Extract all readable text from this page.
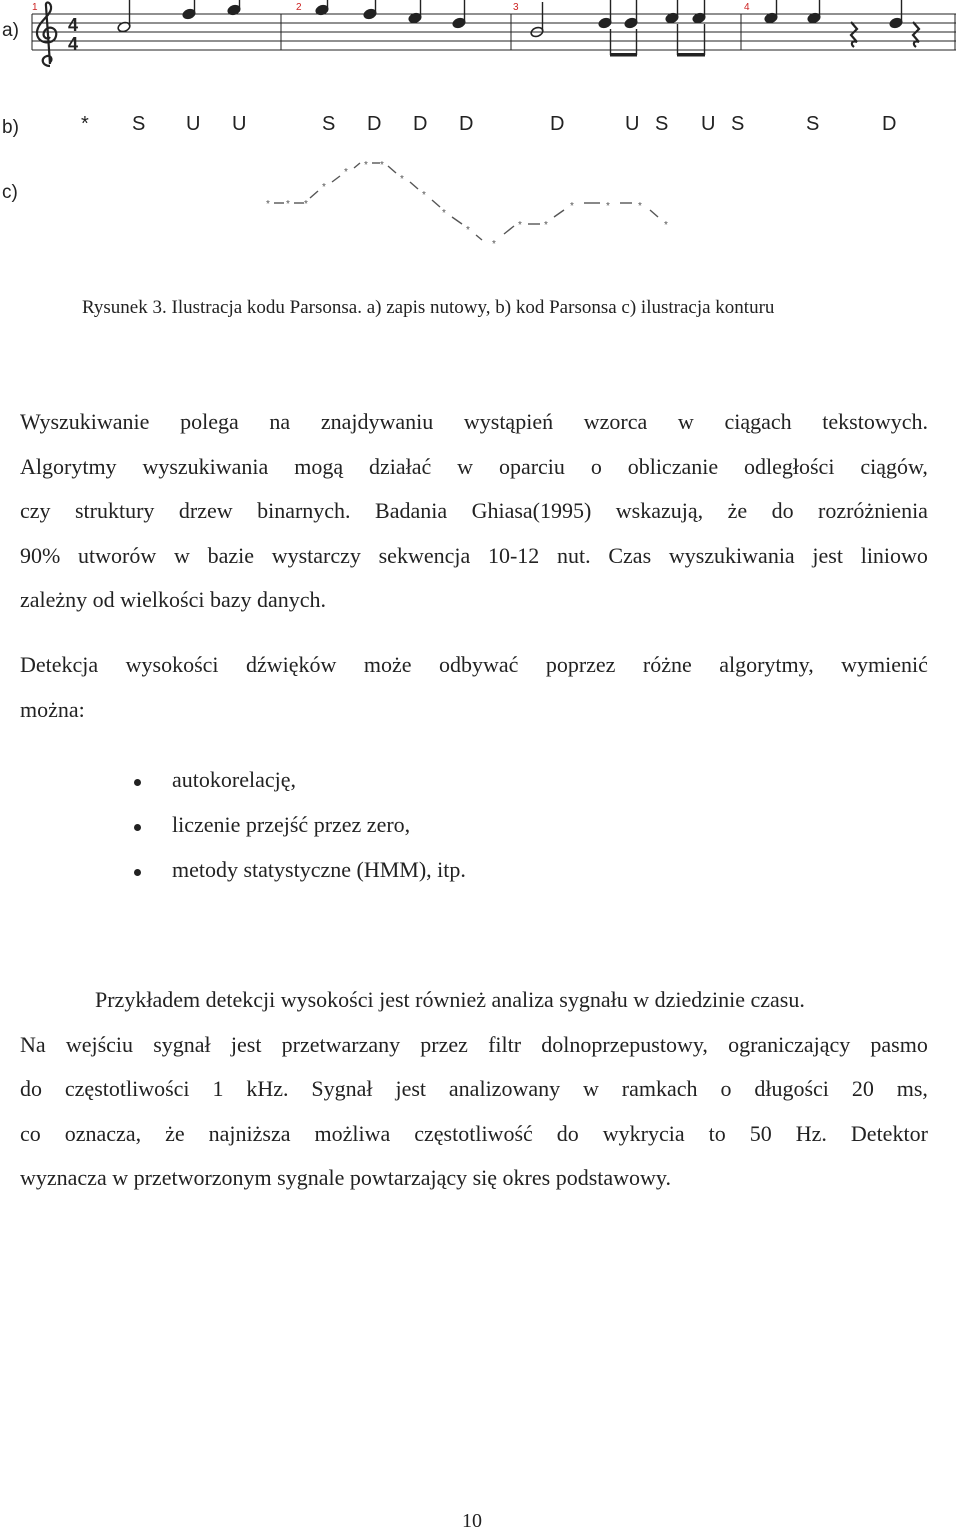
a)
b)
c)
4
4
1	2	3	4
* S U U	S D D D	D	U S U S	S	D
* * *
*
*
* *
*
*
*
*
*
* *
*	*	*
*
Rysunek 3. Ilustracja kodu Parsonsa. a) zapis nutowy, b) kod Parsonsa c) ilustracja konturu
Wyszukiwanie polega na znajdywaniu wystąpień wzorca w ciągach tekstowych.
Algorytmy wyszukiwania mogą działać w oparciu o obliczanie odległości ciągów,
czy struktury drzew binarnych. Badania Ghiasa(1995) wskazują, że do rozróżnienia
90% utworów w bazie wystarczy sekwencja 10-12 nut. Czas wyszukiwania jest liniowo
zależny od wielkości bazy danych.
Detekcja wysokości dźwięków może odbywać poprzez różne algorytmy, wymienić
można:
autokorelację,
liczenie przejść przez zero,
metody statystyczne (HMM), itp.
Przykładem detekcji wysokości jest również analiza sygnału w dziedzinie czasu.
Na wejściu sygnał jest przetwarzany przez filtr dolnoprzepustowy, ograniczający pasmo
do częstotliwości 1 kHz. Sygnał jest analizowany w ramkach o długości 20 ms,
co oznacza, że najniższa możliwa częstotliwość do wykrycia to 50 Hz. Detektor
wyznacza w przetworzonym sygnale powtarzający się okres podstawowy.
10
